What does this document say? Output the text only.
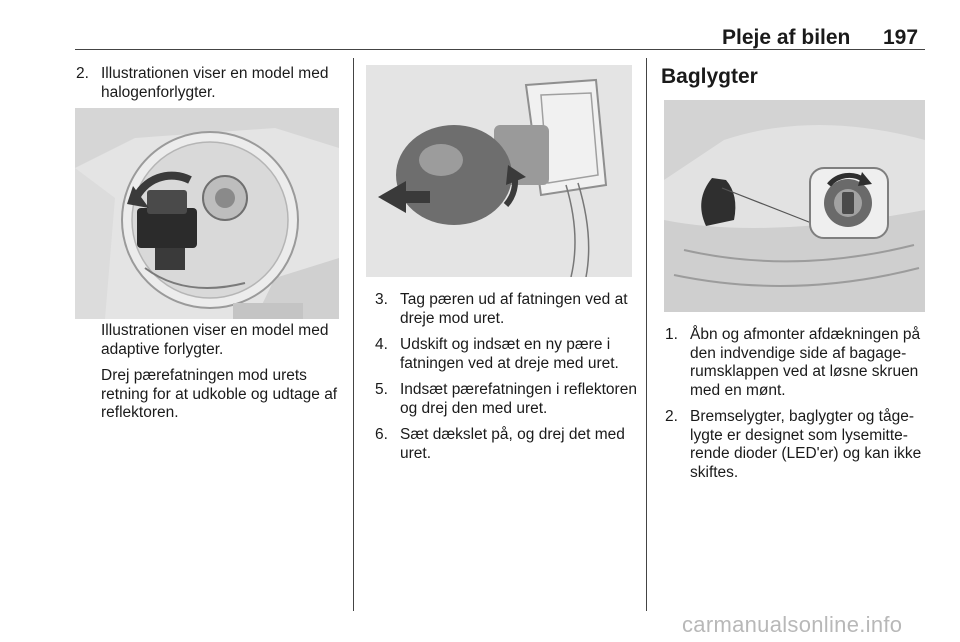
Pleje af bilen 197
2. Illustrationen viser en model med halogenforlygter.
Illustrationen viser en model med adaptive forlygter.
Drej pærefatningen mod urets retning for at udkoble og udtage af reflektoren.
3. Tag pæren ud af fatningen ved at dreje mod uret.
4. Udskift og indsæt en ny pære i fatningen ved at dreje med uret.
5. Indsæt pærefatningen i reflektoren og drej den med uret.
6. Sæt dækslet på, og drej det med uret.
Baglygter
1. Åbn og afmonter afdækningen på den indvendige side af bagagerumsklappen ved at løsne skruen med en mønt.
2. Bremselygter, baglygter og tågelygte er designet som lysemitterende dioder (LED'er) og kan ikke skiftes.
carmanualsonline.info
